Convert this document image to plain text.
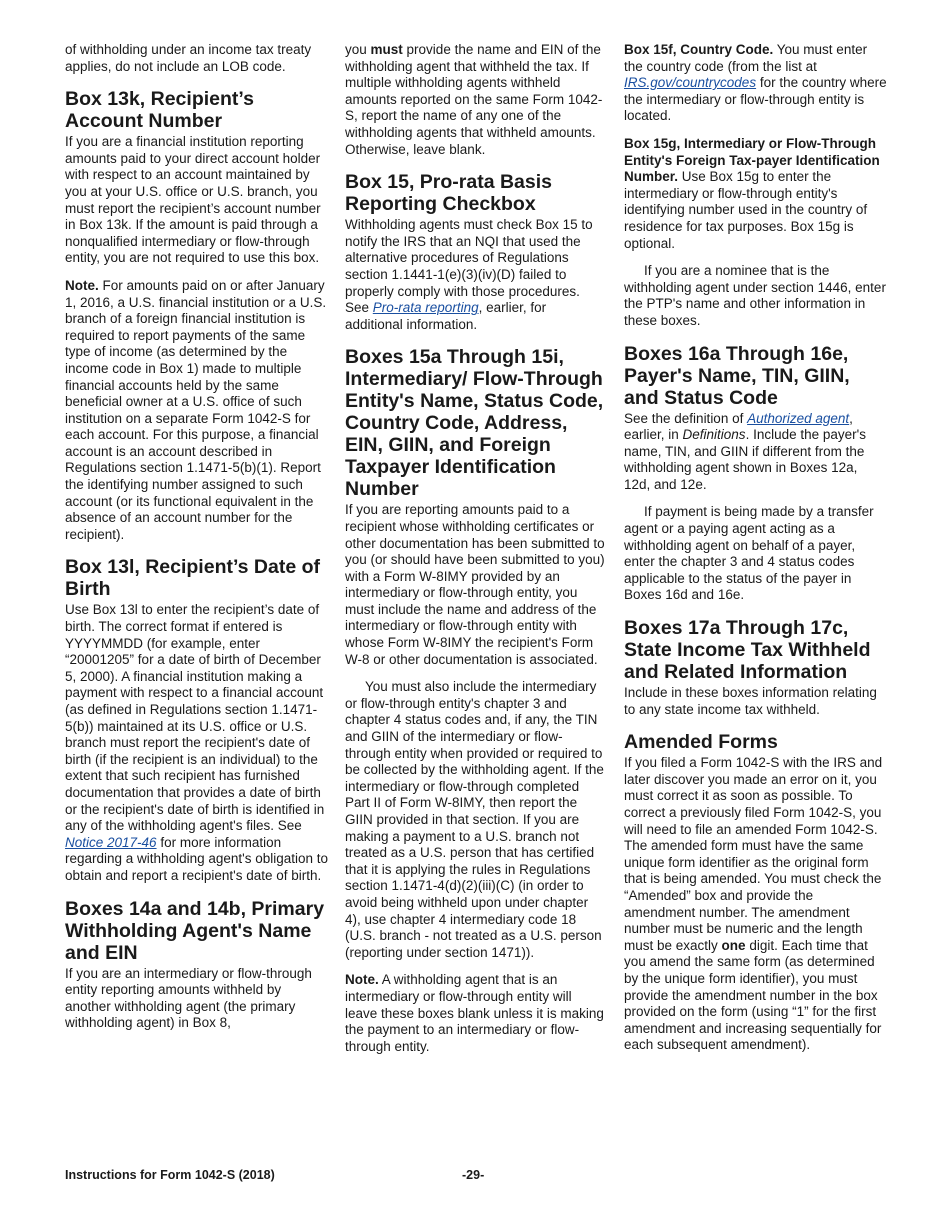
of withholding under an income tax treaty applies, do not include an LOB code.

Box 13k, Recipient’s Account Number

If you are a financial institution reporting amounts paid to your direct account holder with respect to an account maintained by you at your U.S. office or U.S. branch, you must report the recipient’s account number in Box 13k. If the amount is paid through a nonqualified intermediary or flow-through entity, you are not required to use this box.

Note. For amounts paid on or after January 1, 2016, a U.S. financial institution or a U.S. branch of a foreign financial institution is required to report payments of the same type of income (as determined by the income code in Box 1) made to multiple financial accounts held by the same beneficial owner at a U.S. office of such institution on a separate Form 1042-S for each account. For this purpose, a financial account is an account described in Regulations section 1.1471-5(b)(1). Report the identifying number assigned to such account (or its functional equivalent in the absence of an account number for the recipient).

Box 13l, Recipient’s Date of Birth

Use Box 13l to enter the recipient’s date of birth. The correct format if entered is YYYYMMDD (for example, enter “20001205” for a date of birth of December 5, 2000). A financial institution making a payment with respect to a financial account (as defined in Regulations section 1.1471-5(b)) maintained at its U.S. office or U.S. branch must report the recipient's date of birth (if the recipient is an individual) to the extent that such recipient has furnished documentation that provides a date of birth or the recipient's date of birth is identified in any of the withholding agent's files. See Notice 2017-46 for more information regarding a withholding agent's obligation to obtain and report a recipient's date of birth.

Boxes 14a and 14b, Primary Withholding Agent's Name and EIN

If you are an intermediary or flow-through entity reporting amounts withheld by another withholding agent (the primary withholding agent) in Box 8,

you must provide the name and EIN of the withholding agent that withheld the tax. If multiple withholding agents withheld amounts reported on the same Form 1042-S, report the name of any one of the withholding agents that withheld amounts. Otherwise, leave blank.

Box 15, Pro-rata Basis Reporting Checkbox

Withholding agents must check Box 15 to notify the IRS that an NQI that used the alternative procedures of Regulations section 1.1441-1(e)(3)(iv)(D) failed to properly comply with those procedures. See Pro-rata reporting, earlier, for additional information.

Boxes 15a Through 15i, Intermediary/ Flow-Through Entity's Name, Status Code, Country Code, Address, EIN, GIIN, and Foreign Taxpayer Identification Number

If you are reporting amounts paid to a recipient whose withholding certificates or other documentation has been submitted to you (or should have been submitted to you) with a Form W-8IMY provided by an intermediary or flow-through entity, you must include the name and address of the intermediary or flow-through entity with whose Form W-8IMY the recipient's Form W-8 or other documentation is associated.

You must also include the intermediary or flow-through entity's chapter 3 and chapter 4 status codes and, if any, the TIN and GIIN of the intermediary or flow-through entity when provided or required to be collected by the withholding agent. If the intermediary or flow-through completed Part II of Form W-8IMY, then report the GIIN provided in that section. If you are making a payment to a U.S. branch not treated as a U.S. person that has certified that it is applying the rules in Regulations section 1.1471-4(d)(2)(iii)(C) (in order to avoid being withheld upon under chapter 4), use chapter 4 intermediary code 18 (U.S. branch - not treated as a U.S. person (reporting under section 1471)).

Note. A withholding agent that is an intermediary or flow-through entity will leave these boxes blank unless it is making the payment to an intermediary or flow-through entity.

Box 15f, Country Code. You must enter the country code (from the list at IRS.gov/countrycodes for the country where the intermediary or flow-through entity is located.

Box 15g, Intermediary or Flow-Through Entity's Foreign Tax-payer Identification Number. Use Box 15g to enter the intermediary or flow-through entity's identifying number used in the country of residence for tax purposes. Box 15g is optional.

If you are a nominee that is the withholding agent under section 1446, enter the PTP's name and other information in these boxes.

Boxes 16a Through 16e, Payer's Name, TIN, GIIN, and Status Code

See the definition of Authorized agent, earlier, in Definitions. Include the payer's name, TIN, and GIIN if different from the withholding agent shown in Boxes 12a, 12d, and 12e.

If payment is being made by a transfer agent or a paying agent acting as a withholding agent on behalf of a payer, enter the chapter 3 and 4 status codes applicable to the status of the payer in Boxes 16d and 16e.

Boxes 17a Through 17c, State Income Tax Withheld and Related Information

Include in these boxes information relating to any state income tax withheld.

Amended Forms

If you filed a Form 1042-S with the IRS and later discover you made an error on it, you must correct it as soon as possible. To correct a previously filed Form 1042-S, you will need to file an amended Form 1042-S. The amended form must have the same unique form identifier as the original form that is being amended. You must check the “Amended” box and provide the amendment number. The amendment number must be numeric and the length must be exactly one digit. Each time that you amend the same form (as determined by the unique form identifier), you must provide the amendment number in the box provided on the form (using “1” for the first amendment and increasing sequentially for each subsequent amendment).

Instructions for Form 1042-S (2018)	-29-
